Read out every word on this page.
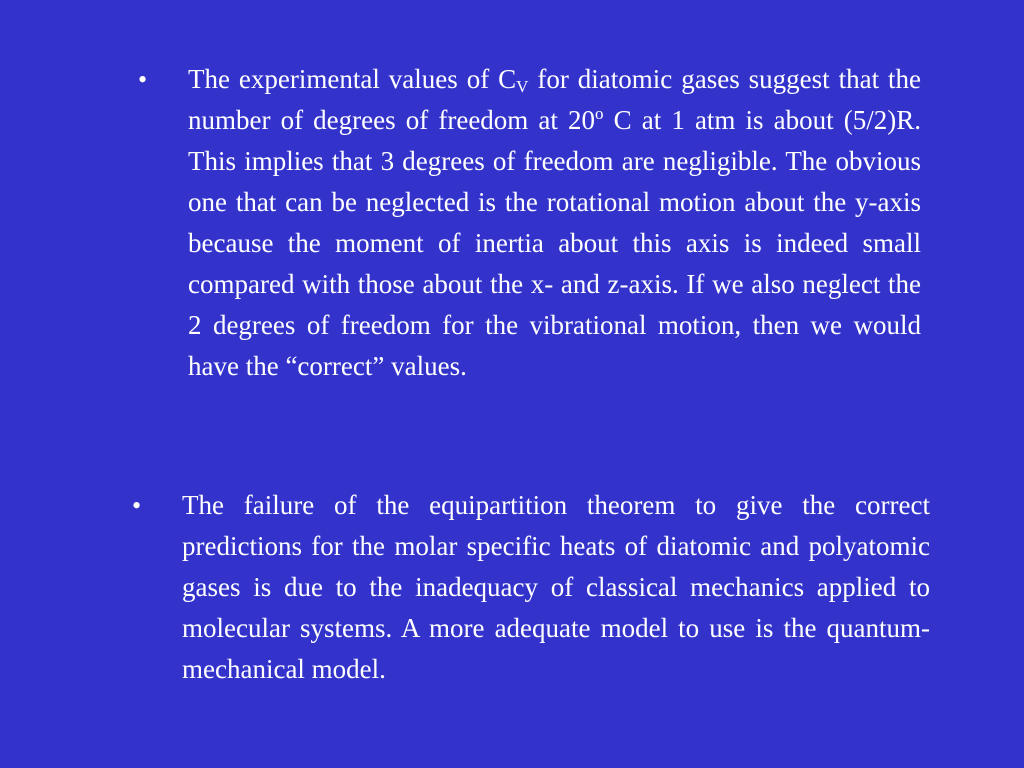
•	The experimental values of $C_V$ for diatomic gases suggest that the number of degrees of freedom at 20$^o$ C at 1 atm is about (5/2)R. This implies that 3 degrees of freedom are negligible. The obvious one that can be neglected is the rotational motion about the y-axis because the moment of inertia about this axis is indeed small compared with those about the x- and z-axis. If we also neglect the 2 degrees of freedom for the vibrational motion, then we would have the “correct” values.
•	The failure of the equipartition theorem to give the correct predictions for the molar specific heats of diatomic and polyatomic gases is due to the inadequacy of classical mechanics applied to molecular systems. A more adequate model to use is the quantum-mechanical model.
